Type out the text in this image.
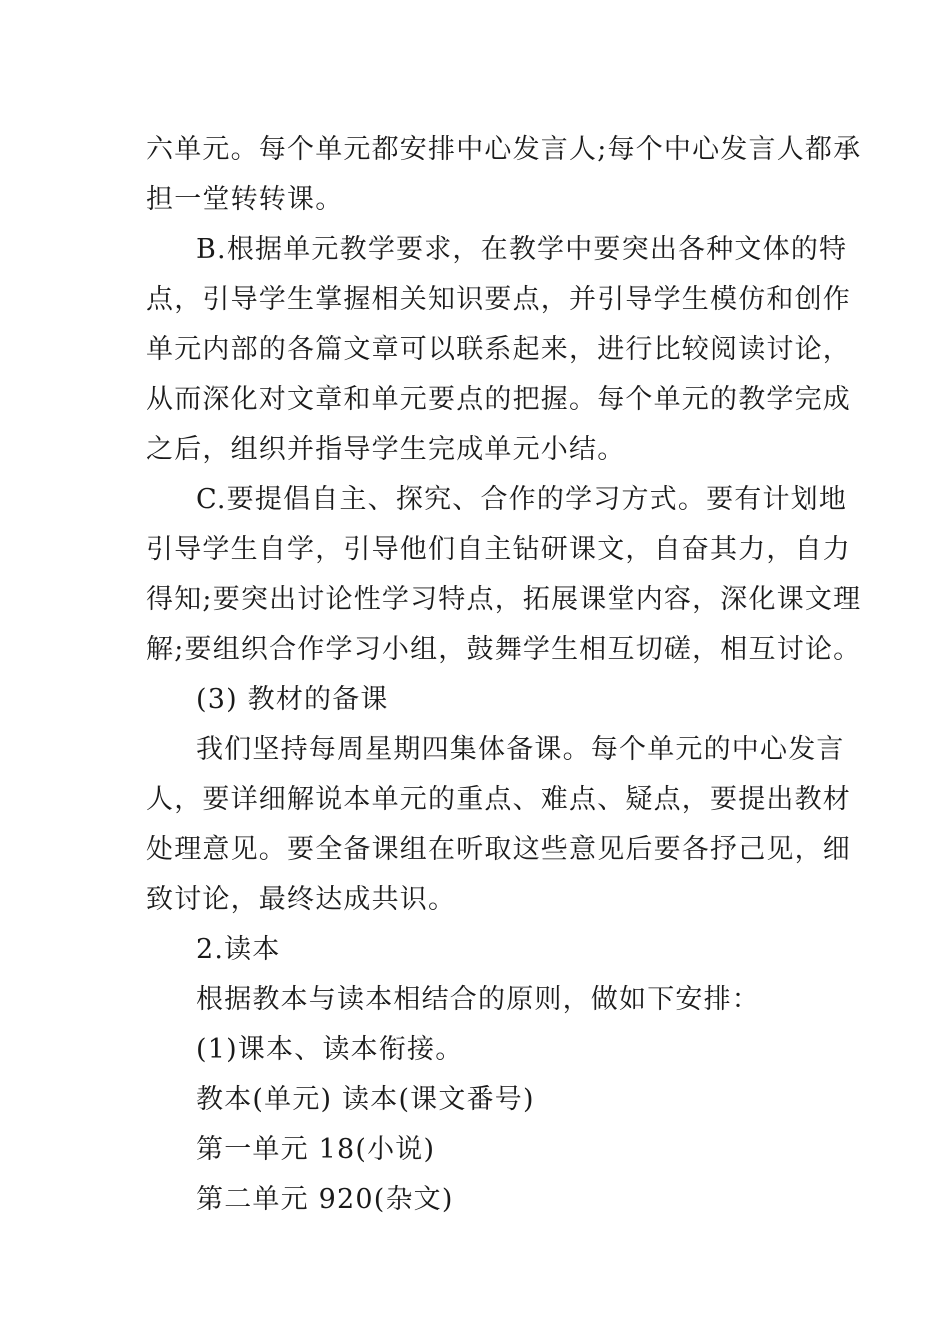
六单元。每个单元都安排中心发言人;每个中心发言人都承
担一堂转转课。
B.根据单元教学要求，在教学中要突出各种文体的特
点，引导学生掌握相关知识要点，并引导学生模仿和创作
单元内部的各篇文章可以联系起来，进行比较阅读讨论，
从而深化对文章和单元要点的把握。每个单元的教学完成
之后，组织并指导学生完成单元小结。
C.要提倡自主、探究、合作的学习方式。要有计划地
引导学生自学，引导他们自主钻研课文，自奋其力，自力
得知;要突出讨论性学习特点，拓展课堂内容，深化课文理
解;要组织合作学习小组，鼓舞学生相互切磋，相互讨论。
(3) 教材的备课
我们坚持每周星期四集体备课。每个单元的中心发言
人，要详细解说本单元的重点、难点、疑点，要提出教材
处理意见。要全备课组在听取这些意见后要各抒己见，细
致讨论，最终达成共识。
2.读本
根据教本与读本相结合的原则，做如下安排：
(1)课本、读本衔接。
教本(单元) 读本(课文番号)
第一单元 18(小说)
第二单元 920(杂文)
